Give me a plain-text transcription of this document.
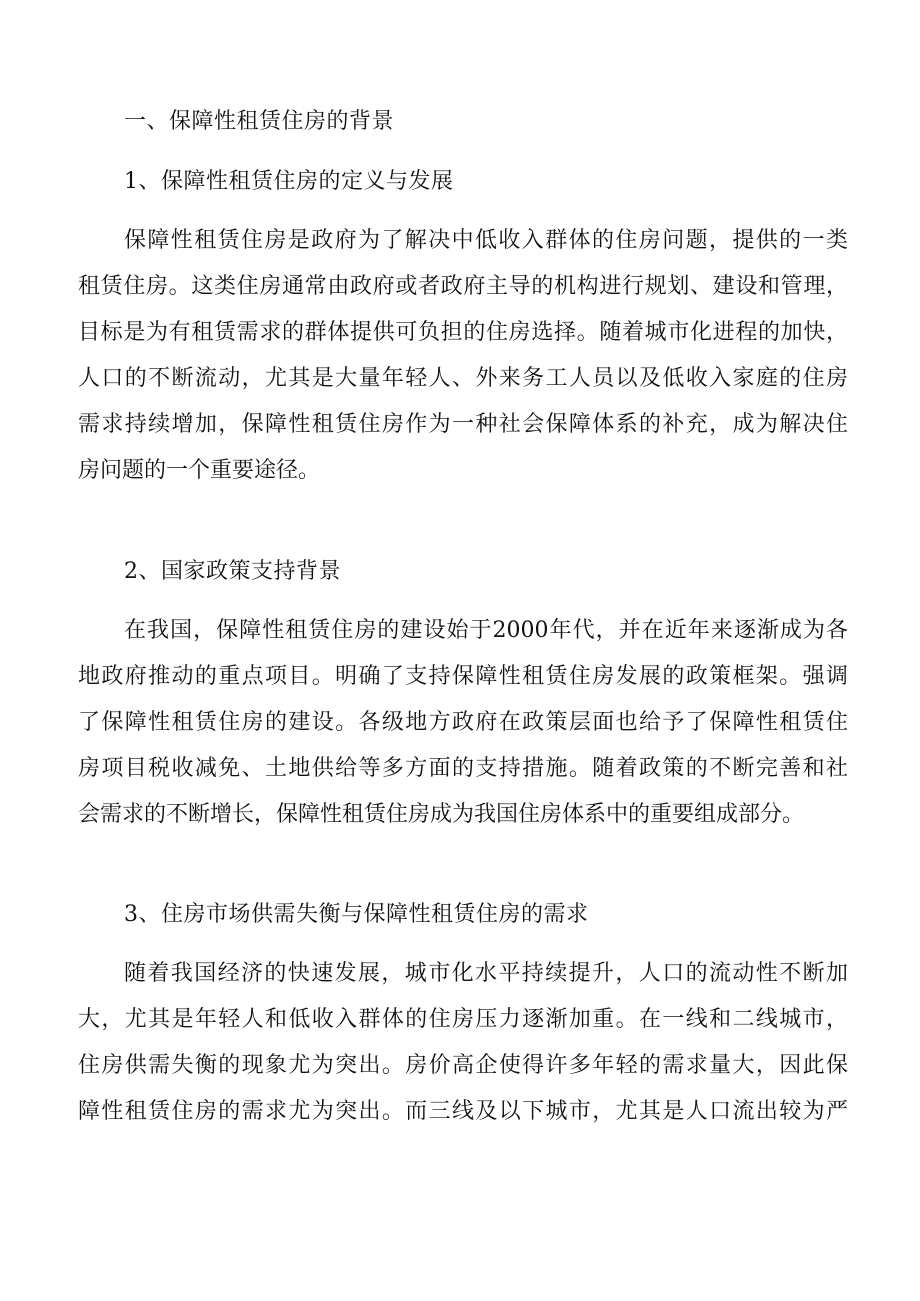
一、保障性租赁住房的背景
1、保障性租赁住房的定义与发展
保障性租赁住房是政府为了解决中低收入群体的住房问题，提供的一类
租赁住房。这类住房通常由政府或者政府主导的机构进行规划、建设和管理，
目标是为有租赁需求的群体提供可负担的住房选择。随着城市化进程的加快，
人口的不断流动，尤其是大量年轻人、外来务工人员以及低收入家庭的住房
需求持续增加，保障性租赁住房作为一种社会保障体系的补充，成为解决住
房问题的一个重要途径。
2、国家政策支持背景
在我国，保障性租赁住房的建设始于2000年代，并在近年来逐渐成为各
地政府推动的重点项目。明确了支持保障性租赁住房发展的政策框架。强调
了保障性租赁住房的建设。各级地方政府在政策层面也给予了保障性租赁住
房项目税收减免、土地供给等多方面的支持措施。随着政策的不断完善和社
会需求的不断增长，保障性租赁住房成为我国住房体系中的重要组成部分。
3、住房市场供需失衡与保障性租赁住房的需求
随着我国经济的快速发展，城市化水平持续提升，人口的流动性不断加
大，尤其是年轻人和低收入群体的住房压力逐渐加重。在一线和二线城市，
住房供需失衡的现象尤为突出。房价高企使得许多年轻的需求量大，因此保
障性租赁住房的需求尤为突出。而三线及以下城市，尤其是人口流出较为严
